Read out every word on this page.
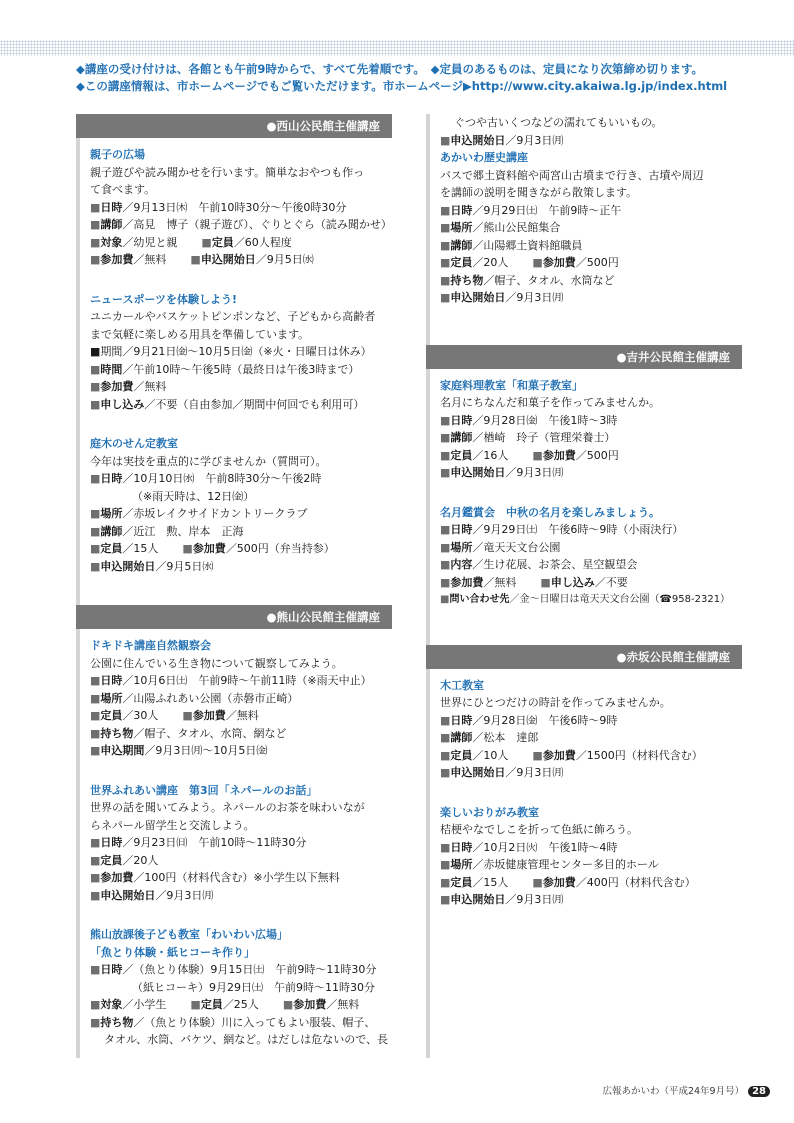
◆講座の受け付けは、各館とも午前9時からで、すべて先着順です。　◆定員のあるものは、定員になり次第締め切ります。
◆この講座情報は、市ホームページでもご覧いただけます。市ホームページ▶http://www.city.akaiwa.lg.jp/index.html
●西山公民館主催講座
親子の広場
親子遊びや読み聞かせを行います。簡単なおやつも作っ
て食べます。
■日時／9月13日㈭　午前10時30分～午後0時30分
■講師／高見　博子（親子遊び）、ぐりとぐら（読み聞かせ）
■対象／幼児と親 ■定員／60人程度
■参加費／無料 ■申込開始日／9月5日㈬
ニュースポーツを体験しよう!
ユニカールやバスケットピンポンなど、子どもから高齢者
まで気軽に楽しめる用具を準備しています。
■期間／9月21日㈮～10月5日㈮（※火・日曜日は休み）
■時間／午前10時～午後5時（最終日は午後3時まで）
■参加費／無料
■申し込み／不要（自由参加／期間中何回でも利用可）
庭木のせん定教室
今年は実技を重点的に学びませんか（質問可）。
■日時／10月10日㈬　午前8時30分～午後2時
（※雨天時は、12日㈮）
■場所／赤坂レイクサイドカントリークラブ
■講師／近江　勲、岸本　正海
■定員／15人 ■参加費／500円（弁当持参）
■申込開始日／9月5日㈬
●熊山公民館主催講座
ドキドキ講座自然観察会
公園に住んでいる生き物について観察してみよう。
■日時／10月6日㈯　午前9時～午前11時（※雨天中止）
■場所／山陽ふれあい公園（赤磐市正崎）
■定員／30人 ■参加費／無料
■持ち物／帽子、タオル、水筒、網など
■申込期間／9月3日㈪～10月5日㈮
世界ふれあい講座　第3回「ネパールのお話」
世界の話を聞いてみよう。ネパールのお茶を味わいなが
らネパール留学生と交流しよう。
■日時／9月23日㈰　午前10時～11時30分
■定員／20人
■参加費／100円（材料代含む）※小学生以下無料
■申込開始日／9月3日㈪
熊山放課後子ども教室「わいわい広場」
「魚とり体験・紙ヒコーキ作り」
■日時／（魚とり体験）9月15日㈯　午前9時～11時30分
（紙ヒコーキ）9月29日㈯　午前9時～11時30分
■対象／小学生 ■定員／25人 ■参加費／無料
■持ち物／（魚とり体験）川に入ってもよい服装、帽子、
タオル、水筒、バケツ、網など。はだしは危ないので、長
ぐつや古いくつなどの濡れてもいいもの。
■申込開始日／9月3日㈪
あかいわ歴史講座
バスで郷土資料館や両宮山古墳まで行き、古墳や周辺
を講師の説明を聞きながら散策します。
■日時／9月29日㈯　午前9時～正午
■場所／熊山公民館集合
■講師／山陽郷土資料館職員
■定員／20人 ■参加費／500円
■持ち物／帽子、タオル、水筒など
■申込開始日／9月3日㈪
●吉井公民館主催講座
家庭料理教室「和菓子教室」
名月にちなんだ和菓子を作ってみませんか。
■日時／9月28日㈮　午後1時～3時
■講師／楢崎　玲子（管理栄養士）
■定員／16人 ■参加費／500円
■申込開始日／9月3日㈪
名月鑑賞会　中秋の名月を楽しみましょう。
■日時／9月29日㈯　午後6時～9時（小雨決行）
■場所／竜天天文台公園
■内容／生け花展、お茶会、星空観望会
■参加費／無料 ■申し込み／不要
■問い合わせ先／金～日曜日は竜天天文台公園（☎958-2321）
●赤坂公民館主催講座
木工教室
世界にひとつだけの時計を作ってみませんか。
■日時／9月28日㈮　午後6時～9時
■講師／松本　達郎
■定員／10人 ■参加費／1500円（材料代含む）
■申込開始日／9月3日㈪
楽しいおりがみ教室
桔梗やなでしこを折って色紙に飾ろう。
■日時／10月2日㈫　午後1時～4時
■場所／赤坂健康管理センター多目的ホール
■定員／15人 ■参加費／400円（材料代含む）
■申込開始日／9月3日㈪
広報あかいわ（平成24年9月号） 28
